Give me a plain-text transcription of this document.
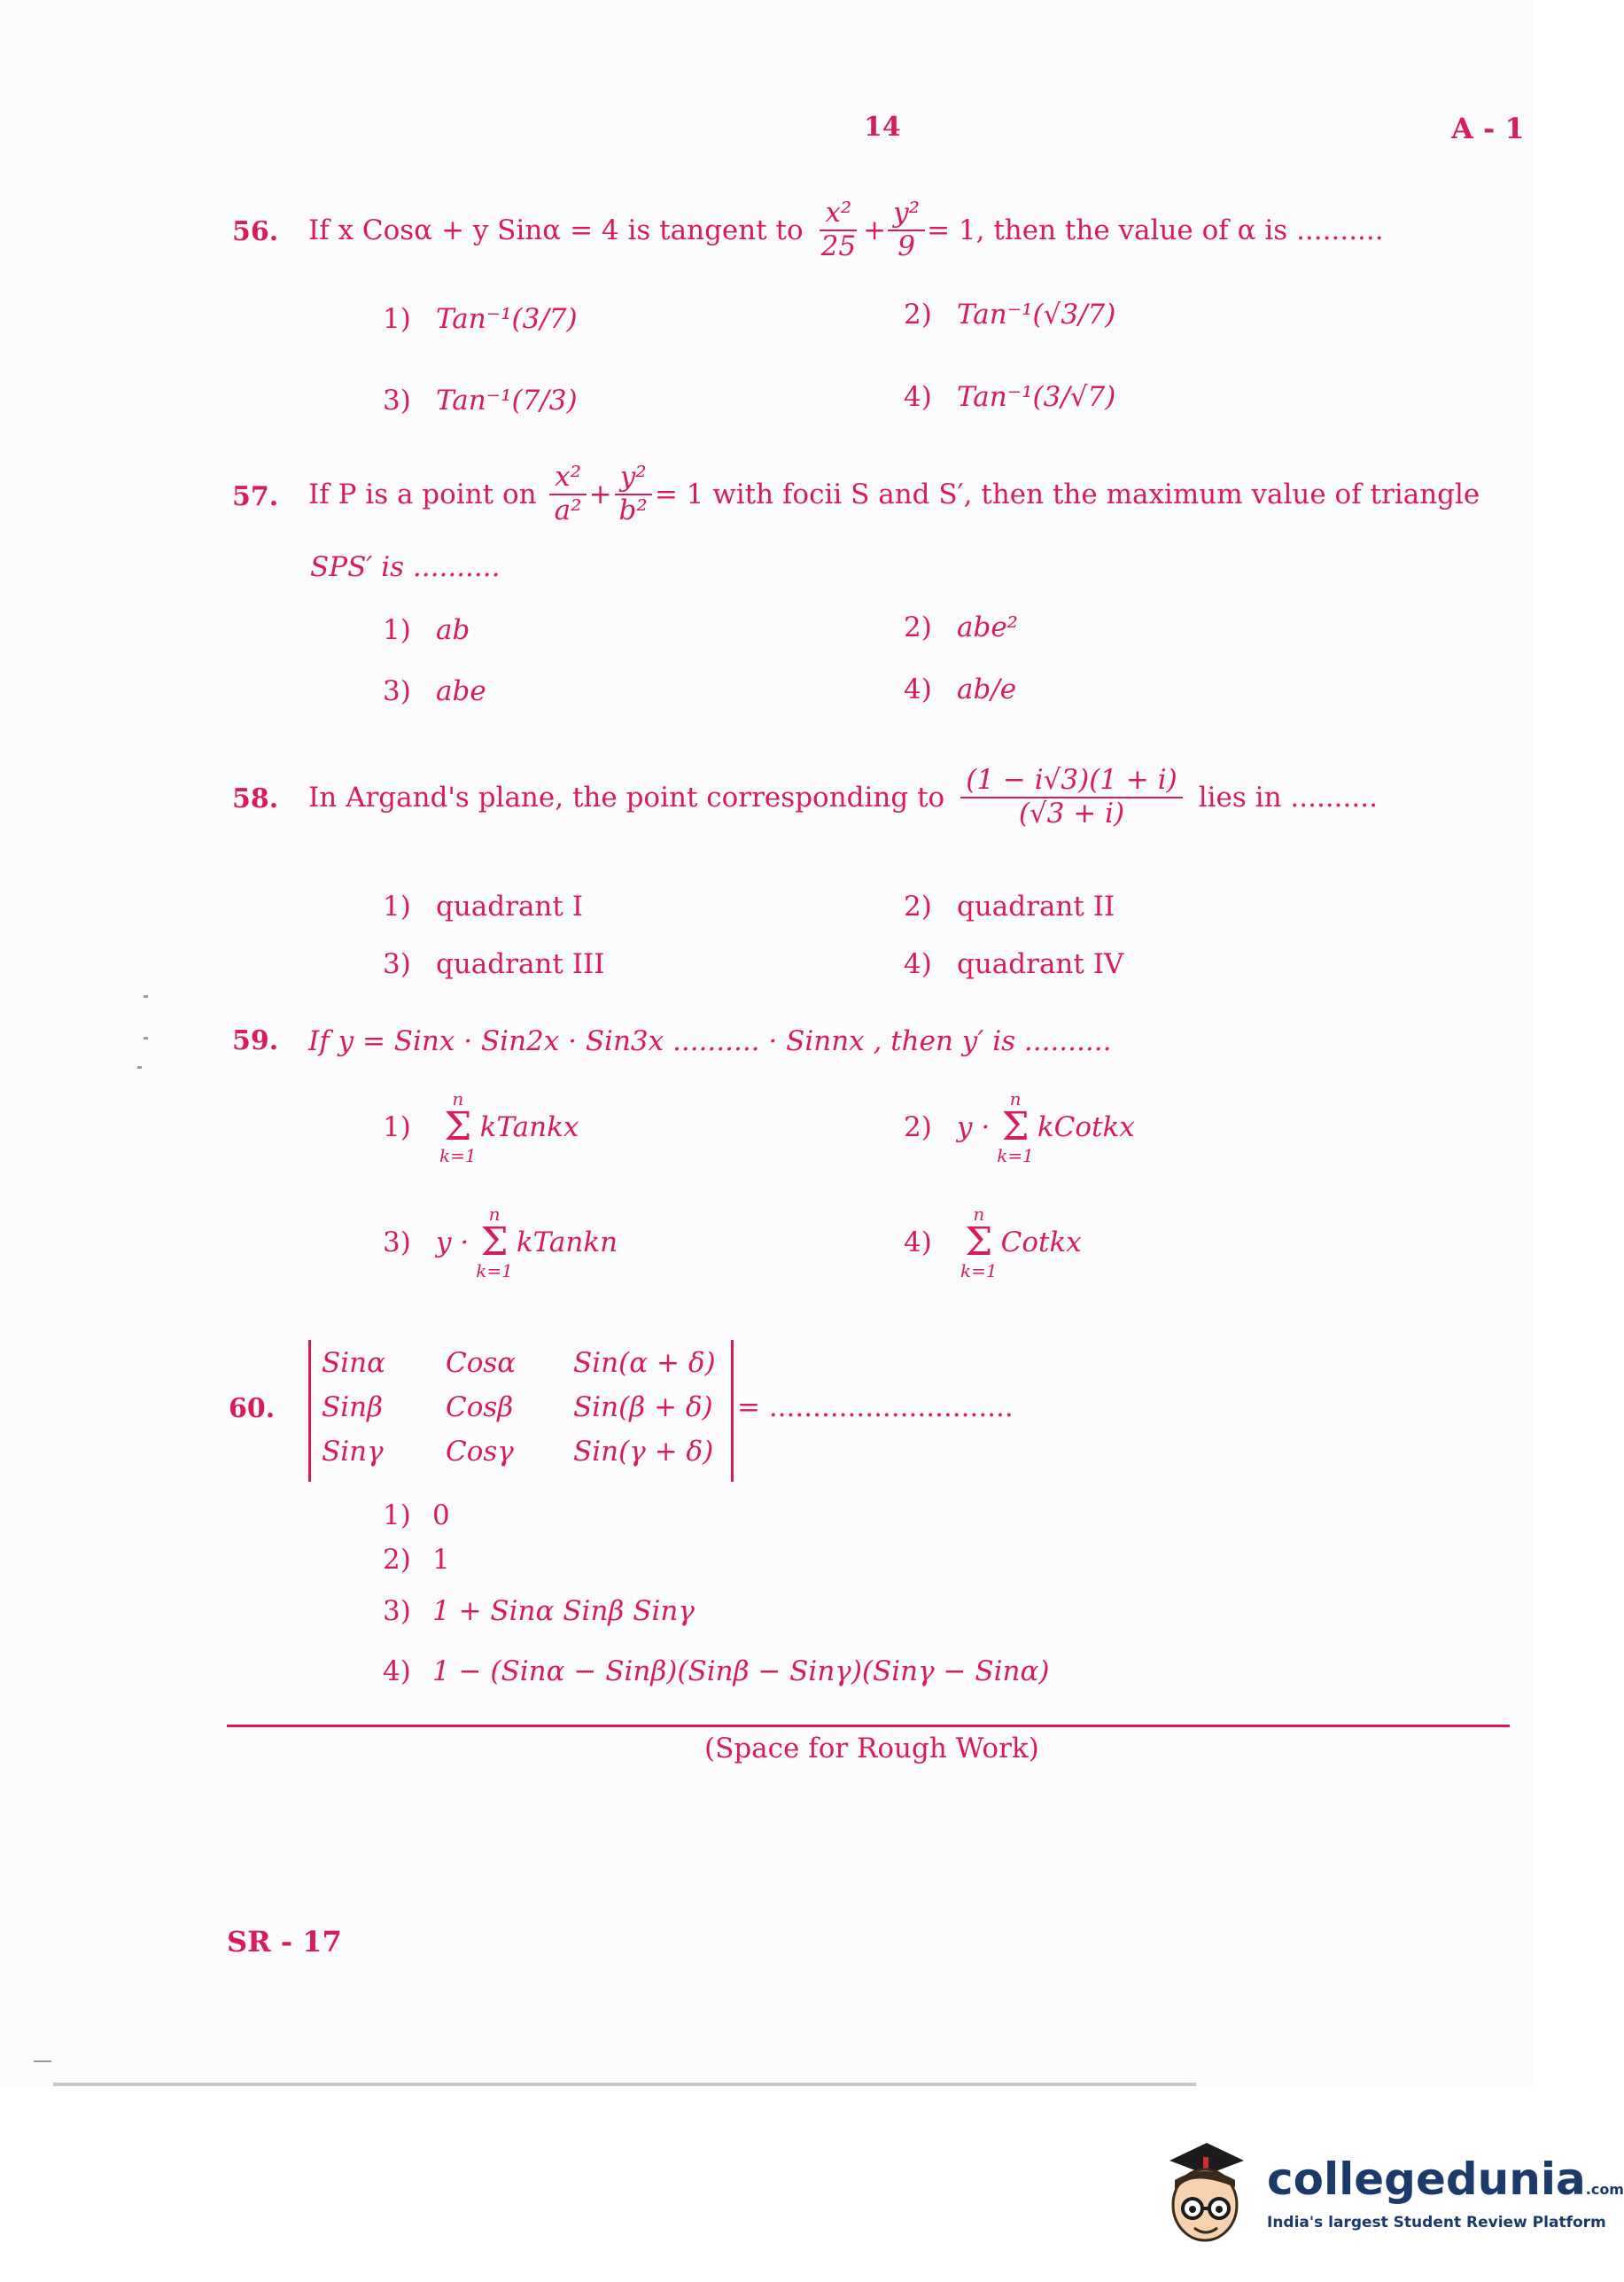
14	A - 1
56. If x Cosα + y Sinα = 4 is tangent to $\frac{\text{x²}}{25} + \frac{\text{y²}}{9} = 1$, then the value of α is ..........
1) Tan⁻¹(3/7)	2) Tan⁻¹(√3/7)
3) Tan⁻¹(7/3)	4) Tan⁻¹(3/√7)
57. If P is a point on $\frac{\text{x²}}{\text{a²}} + \frac{\text{y²}}{\text{b²}} = 1$ with focii S and S′, then the maximum value of triangle
SPS′ is ..........
1) ab	2) abe²
3) abe	4) ab/e
58. In Argand's plane, the point corresponding to $\frac{(1 - i√3)(1 + i)}{(√3 + i)}$ lies in ..........
1) quadrant I	2) quadrant II
3) quadrant III	4) quadrant IV
59. If y = Sinx · Sin2x · Sin3x .......... · Sinnx , then y′ is ..........
1)
n
Σ
k=1
kTankx	2) y ·
n
Σ
k=1
kCotkx
3) y ·
n
Σ
k=1
kTankn	4)
n
Σ
k=1
Cotkx
60.
Sinα Cosα Sin(α + δ)
Sinβ Cosβ Sin(β + δ)
Sinγ Cosγ Sin(γ + δ)
= ............................
1) 0
2) 1
3) 1 + Sinα Sinβ Sinγ
4) 1 − (Sinα − Sinβ)(Sinβ − Sinγ)(Sinγ − Sinα)
(Space for Rough Work)
SR - 17
collegedunia.com
India's largest Student Review Platform
